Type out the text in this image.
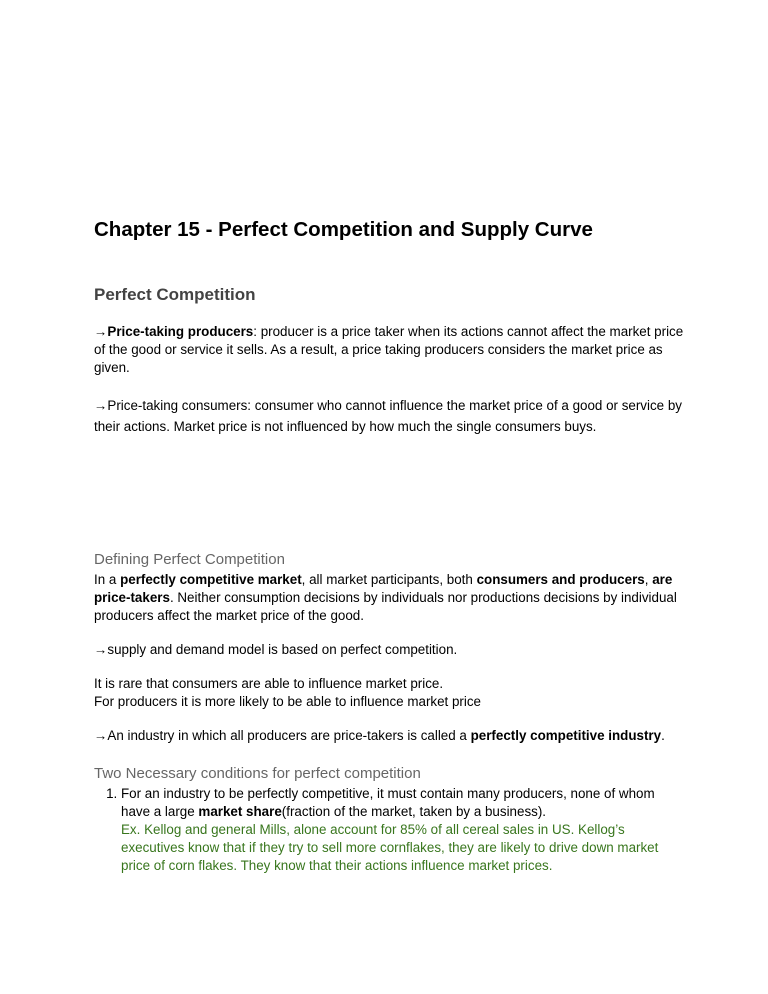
Chapter 15 - Perfect Competition and Supply Curve
Perfect Competition
→Price-taking producers: producer is a price taker when its actions cannot affect the market price of the good or service it sells. As a result, a price taking producers considers the market price as given.
→Price-taking consumers: consumer who cannot influence the market price of a good or service by their actions. Market price is not influenced by how much the single consumers buys.
Defining Perfect Competition
In a perfectly competitive market, all market participants, both consumers and producers, are price-takers. Neither consumption decisions by individuals nor productions decisions by individual producers affect the market price of the good.
→supply and demand model is based on perfect competition.
It is rare that consumers are able to influence market price.
For producers it is more likely to be able to influence market price
→An industry in which all producers are price-takers is called a perfectly competitive industry.
Two Necessary conditions for perfect competition
1. For an industry to be perfectly competitive, it must contain many producers, none of whom have a large market share(fraction of the market, taken by a business).
Ex. Kellog and general Mills, alone account for 85% of all cereal sales in US. Kellog’s executives know that if they try to sell more cornflakes, they are likely to drive down market price of corn flakes. They know that their actions influence market prices.
